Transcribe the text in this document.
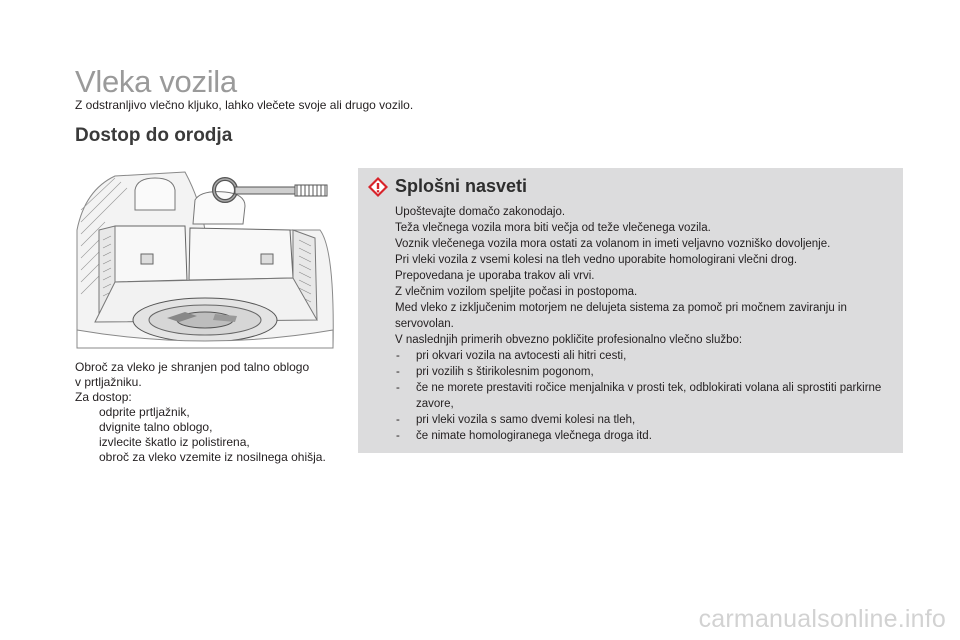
Vleka vozila
Z odstranljivo vlečno kljuko, lahko vlečete svoje ali drugo vozilo.
Dostop do orodja

Obroč za vleko je shranjen pod talno oblogo

v prtljažniku.

Za dostop:

odprite prtljažnik,
dvignite talno oblogo,
izvlecite škatlo iz polistirena,
obroč za vleko vzemite iz nosilnega ohišja.
Splošni nasveti

Upoštevajte domačo zakonodajo.

Teža vlečnega vozila mora biti večja od teže vlečenega vozila.

Voznik vlečenega vozila mora ostati za volanom in imeti veljavno vozniško dovoljenje.

Pri vleki vozila z vsemi kolesi na tleh vedno uporabite homologirani vlečni drog.

Prepovedana je uporaba trakov ali vrvi.

Z vlečnim vozilom speljite počasi in postopoma.

Med vleko z izključenim motorjem ne delujeta sistema za pomoč pri močnem zaviranju in servovolan.

V naslednjih primerih obvezno pokličite profesionalno vlečno službo:

- pri okvari vozila na avtocesti ali hitri cesti,
- pri vozilih s štirikolesnim pogonom,
- če ne morete prestaviti ročice menjalnika v prosti tek, odblokirati volana ali sprostiti parkirne zavore,
- pri vleki vozila s samo dvemi kolesi na tleh,
- če nimate homologiranega vlečnega droga itd.
carmanualsonline.info
